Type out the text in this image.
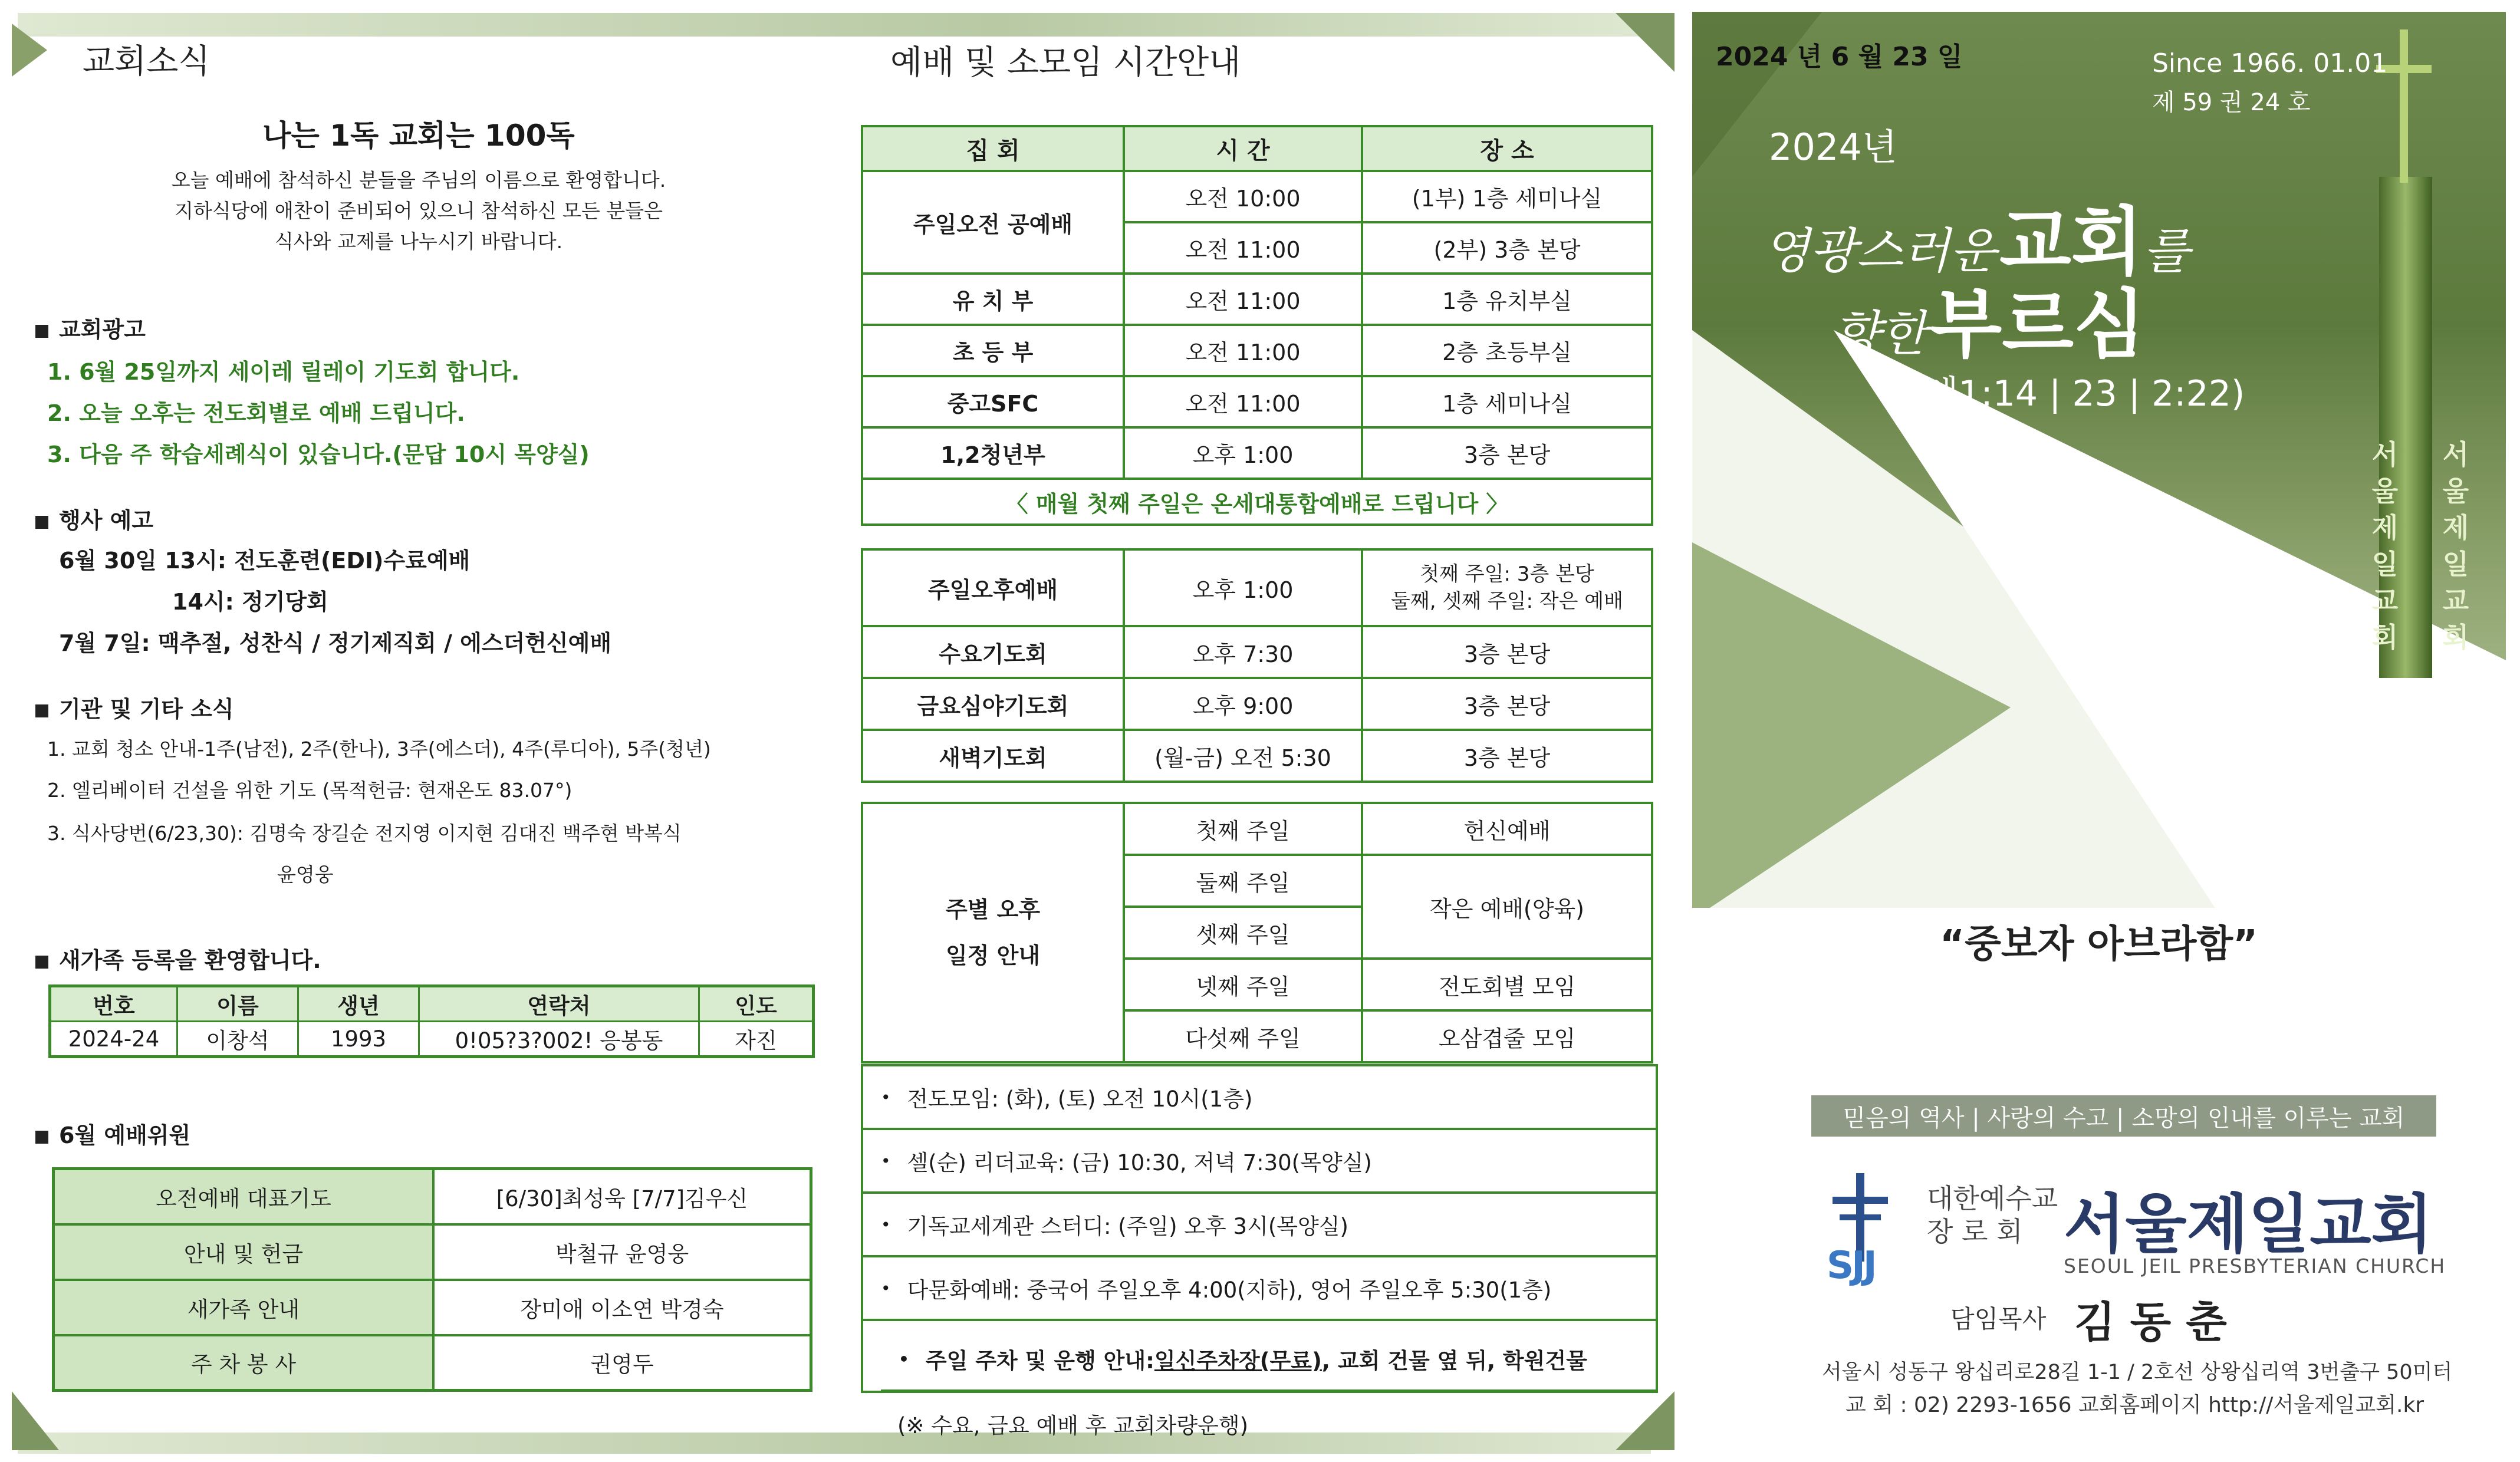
교회소식
나는 1독 교회는 100독
오늘 예배에 참석하신 분들을 주님의 이름으로 환영합니다.
지하식당에 애찬이 준비되어 있으니 참석하신 모든 분들은
식사와 교제를 나누시기 바랍니다.
교회광고
1. 6월 25일까지 세이레 릴레이 기도회 합니다.
2. 오늘 오후는 전도회별로 예배 드립니다.
3. 다음 주 학습세례식이 있습니다.(문답 10시 목양실)
행사 예고
6월 30일 13시: 전도훈련(EDI)수료예배
14시: 정기당회
7월 7일: 맥추절, 성찬식 / 정기제직회 / 에스더헌신예배
기관 및 기타 소식
1. 교회 청소 안내-1주(남전), 2주(한나), 3주(에스더), 4주(루디아), 5주(청년)
2. 엘리베이터 건설을 위한 기도 (목적헌금: 현재온도 83.07°)
3. 식사당번(6/23,30): 김명숙 장길순 전지영 이지현 김대진 백주현 박복식
윤영웅
새가족 등록을 환영합니다.
번호	이름	생년	연락처	인도
2024-24	이창석	1993	0!05?3?002! 응봉동	자진
6월 예배위원
오전예배 대표기도	[6/30]최성욱 [7/7]김우신
안내 및 헌금	박철규 윤영웅
새가족 안내	장미애 이소연 박경숙
주 차 봉 사	권영두
예배 및 소모임 시간안내
집 회	시 간	장 소
주일오전 공예배	오전 10:00	(1부) 1층 세미나실
	오전 11:00	(2부) 3층 본당
유 치 부	오전 11:00	1층 유치부실
초 등 부	오전 11:00	2층 초등부실
중고SFC	오전 11:00	1층 세미나실
1,2청년부	오후 1:00	3층 본당
〈 매월 첫째 주일은 온세대통합예배로 드립니다 〉		
주일오후예배	오후 1:00	첫째 주일: 3층 본당
둘째, 셋째 주일: 작은 예배

수요기도회	오후 7:30	3층 본당
금요심야기도회	오후 9:00	3층 본당
새벽기도회	(월-금) 오전 5:30	3층 본당
주별 오후
일정 안내	첫째 주일	헌신예배
	둘째 주일	작은 예배(양육)
	셋째 주일	
	넷째 주일	전도회별 모임
	다섯째 주일	오삼겹줄 모임
• 전도모임: (화), (토) 오전 10시(1층)
• 셀(순) 리더교육: (금) 10:30, 저녁 7:30(목양실)
• 기독교세계관 스터디: (주일) 오후 3시(목양실)
• 다문화예배: 중국어 주일오후 4:00(지하), 영어 주일오후 5:30(1층)
• 주일 주차 및 운행 안내: 일신주차장(무료) , 교회 건물 옆 뒤, 학원건물
(※ 수요, 금요 예배 후 교회차량운행)
서
울
제
일
교
회
서
울
제
일
교
회
2024 년 6 월 23 일	Since 1966. 01.01
제 59 권 24 호
2024년
영광스러운 교회를
향한 부르심
(엡1:14 | 23 | 2:22)
“중보자 아브라함”
믿음의 역사 | 사랑의 수고 | 소망의 인내를 이루는 교회
SJJ
대한예수교
장 로 회 서울제일교회
SEOUL JEIL PRESBYTERIAN CHURCH
담임목사 김 동 춘
서울시 성동구 왕십리로28길 1-1 / 2호선 상왕십리역 3번출구 50미터
교 회 : 02) 2293-1656 교회홈페이지 http://서울제일교회.kr
